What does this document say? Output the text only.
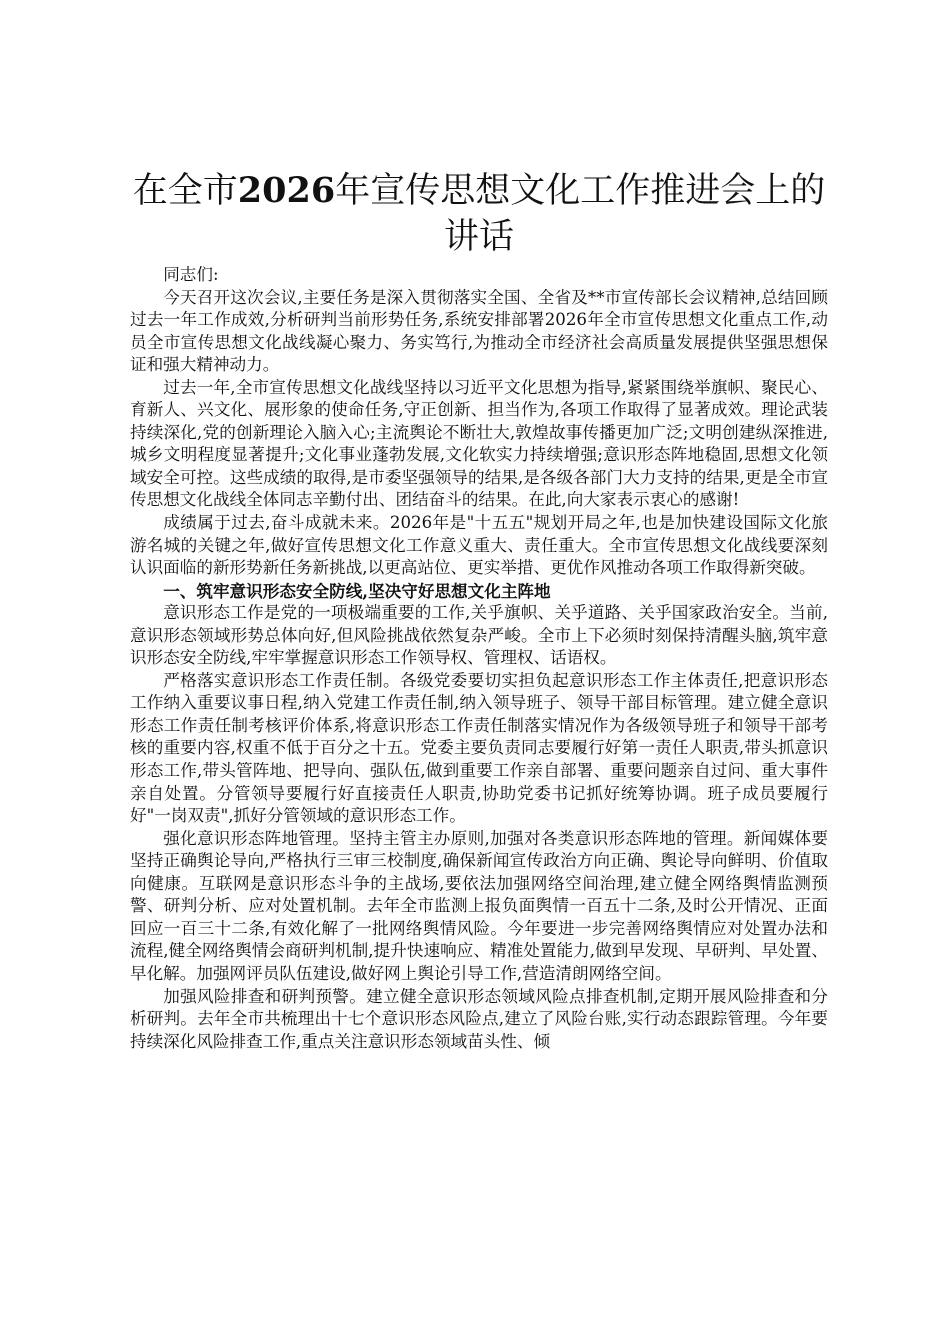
在全市2026年宣传思想文化工作推进会上的
讲话

同志们:

今天召开这次会议,主要任务是深入贯彻落实全国、全省及**市宣传部长会议精神,总结回顾过去一年工作成效,分析研判当前形势任务,系统安排部署2026年全市宣传思想文化重点工作,动员全市宣传思想文化战线凝心聚力、务实笃行,为推动全市经济社会高质量发展提供坚强思想保证和强大精神动力。

过去一年,全市宣传思想文化战线坚持以习近平文化思想为指导,紧紧围绕举旗帜、聚民心、育新人、兴文化、展形象的使命任务,守正创新、担当作为,各项工作取得了显著成效。理论武装持续深化,党的创新理论入脑入心;主流舆论不断壮大,敦煌故事传播更加广泛;文明创建纵深推进,城乡文明程度显著提升;文化事业蓬勃发展,文化软实力持续增强;意识形态阵地稳固,思想文化领域安全可控。这些成绩的取得,是市委坚强领导的结果,是各级各部门大力支持的结果,更是全市宣传思想文化战线全体同志辛勤付出、团结奋斗的结果。在此,向大家表示衷心的感谢!

成绩属于过去,奋斗成就未来。2026年是"十五五"规划开局之年,也是加快建设国际文化旅游名城的关键之年,做好宣传思想文化工作意义重大、责任重大。全市宣传思想文化战线要深刻认识面临的新形势新任务新挑战,以更高站位、更实举措、更优作风推动各项工作取得新突破。

一、筑牢意识形态安全防线,坚决守好思想文化主阵地

意识形态工作是党的一项极端重要的工作,关乎旗帜、关乎道路、关乎国家政治安全。当前,意识形态领域形势总体向好,但风险挑战依然复杂严峻。全市上下必须时刻保持清醒头脑,筑牢意识形态安全防线,牢牢掌握意识形态工作领导权、管理权、话语权。

严格落实意识形态工作责任制。各级党委要切实担负起意识形态工作主体责任,把意识形态工作纳入重要议事日程,纳入党建工作责任制,纳入领导班子、领导干部目标管理。建立健全意识形态工作责任制考核评价体系,将意识形态工作责任制落实情况作为各级领导班子和领导干部考核的重要内容,权重不低于百分之十五。党委主要负责同志要履行好第一责任人职责,带头抓意识形态工作,带头管阵地、把导向、强队伍,做到重要工作亲自部署、重要问题亲自过问、重大事件亲自处置。分管领导要履行好直接责任人职责,协助党委书记抓好统筹协调。班子成员要履行好"一岗双责",抓好分管领域的意识形态工作。

强化意识形态阵地管理。坚持主管主办原则,加强对各类意识形态阵地的管理。新闻媒体要坚持正确舆论导向,严格执行三审三校制度,确保新闻宣传政治方向正确、舆论导向鲜明、价值取向健康。互联网是意识形态斗争的主战场,要依法加强网络空间治理,建立健全网络舆情监测预警、研判分析、应对处置机制。去年全市监测上报负面舆情一百五十二条,及时公开情况、正面回应一百三十二条,有效化解了一批网络舆情风险。今年要进一步完善网络舆情应对处置办法和流程,健全网络舆情会商研判机制,提升快速响应、精准处置能力,做到早发现、早研判、早处置、早化解。加强网评员队伍建设,做好网上舆论引导工作,营造清朗网络空间。

加强风险排查和研判预警。建立健全意识形态领域风险点排查机制,定期开展风险排查和分析研判。去年全市共梳理出十七个意识形态风险点,建立了风险台账,实行动态跟踪管理。今年要持续深化风险排查工作,重点关注意识形态领域苗头性、倾
